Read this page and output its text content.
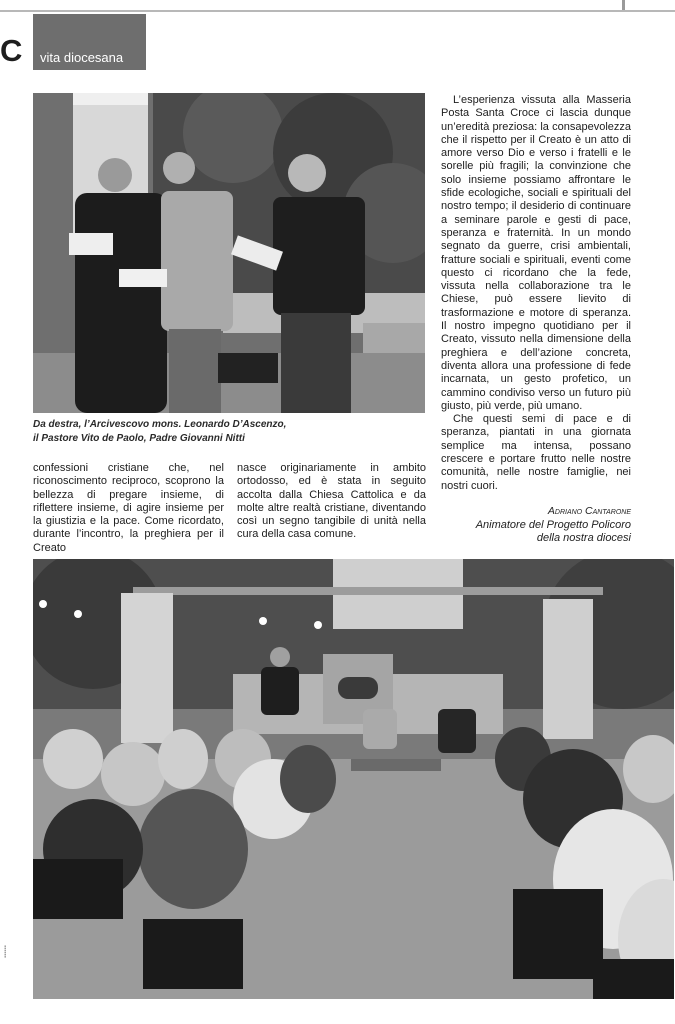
C vita diocesana
Da destra, l’Arcivescovo mons. Leonardo D’Ascenzo,
il Pastore Vito de Paolo, Padre Giovanni Nitti

L’esperienza vissuta alla Masseria Posta Santa Croce ci lascia dunque un’eredità preziosa: la consapevolezza che il rispetto per il Creato è un atto di amore verso Dio e verso i fratelli e le sorelle più fragili; la convinzione che solo insieme possiamo affrontare le sfide ecologiche, sociali e spirituali del nostro tempo; il desiderio di continuare a seminare parole e gesti di pace, speranza e fraternità. In un mondo segnato da guerre, crisi ambientali, fratture sociali e spirituali, eventi come questo ci ricordano che la fede, vissuta nella collaborazione tra le Chiese, può essere lievito di trasformazione e motore di speranza. Il nostro impegno quotidiano per il Creato, vissuto nella dimensione della preghiera e dell’azione concreta, diventa allora una professione di fede incarnata, un gesto profetico, un cammino condiviso verso un futuro più giusto, più verde, più umano.

Che questi semi di pace e di speranza, piantati in una giornata semplice ma intensa, possano crescere e portare frutto nelle nostre comunità, nelle nostre famiglie, nei nostri cuori.

Adriano Cantarone
Animatore del Progetto Policoro
della nostra diocesi

confessioni cristiane che, nel riconoscimento reciproco, scoprono la bellezza di pregare insieme, di riflettere insieme, di agire insieme per la giustizia e la pace. Come ricordato, durante l’incontro, la preghiera per il Creato

nasce originariamente in ambito ortodosso, ed è stata in seguito accolta dalla Chiesa Cattolica e da molte altre realtà cristiane, diventando così un segno tangibile di unità nella cura della casa comune.

▪▪▪▪▪▪
